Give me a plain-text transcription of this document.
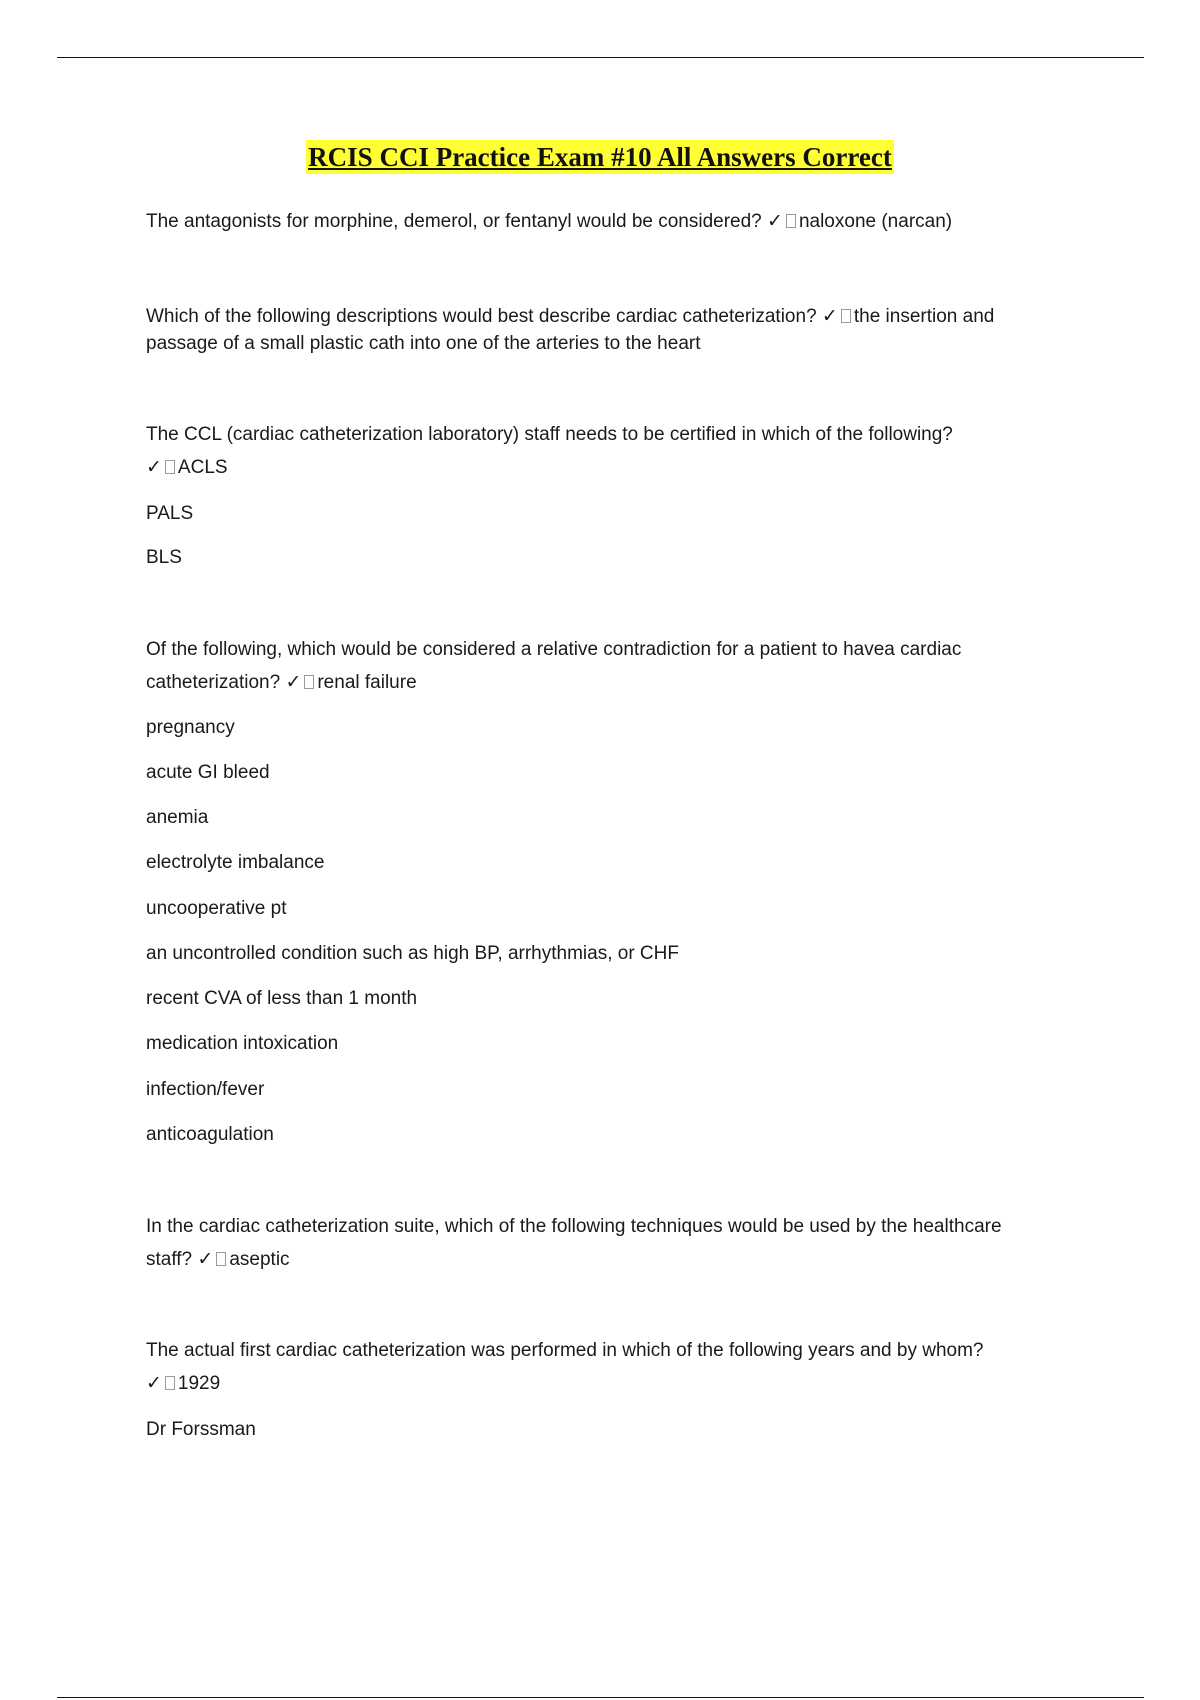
RCIS CCI Practice Exam #10 All Answers Correct
The antagonists for morphine, demerol, or fentanyl would be considered? ✓ naloxone (narcan)
Which of the following descriptions would best describe cardiac catheterization? ✓ the insertion and
passage of a small plastic cath into one of the arteries to the heart
The CCL (cardiac catheterization laboratory) staff needs to be certified in which of the following?
✓ ACLS
PALS
BLS
Of the following, which would be considered a relative contradiction for a patient to havea cardiac
catheterization? ✓ renal failure
pregnancy
acute GI bleed
anemia
electrolyte imbalance
uncooperative pt
an uncontrolled condition such as high BP, arrhythmias, or CHF
recent CVA of less than 1 month
medication intoxication
infection/fever
anticoagulation
In the cardiac catheterization suite, which of the following techniques would be used by the healthcare
staff? ✓ aseptic
The actual first cardiac catheterization was performed in which of the following years and by whom?
✓ 1929
Dr Forssman
